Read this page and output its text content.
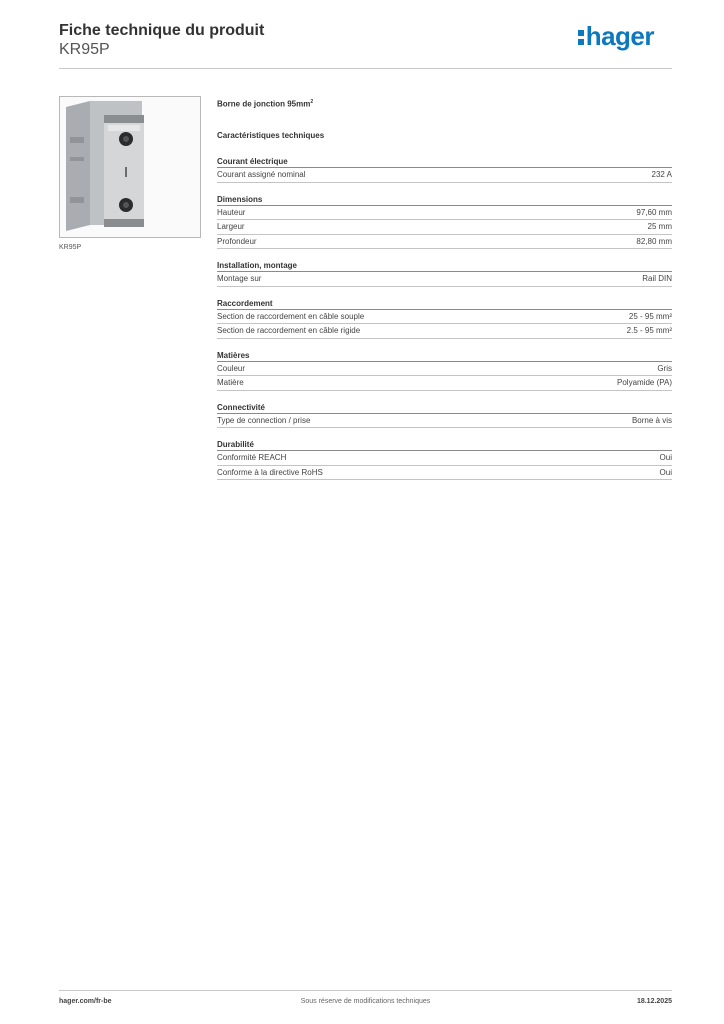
Fiche technique du produit
KR95P	hager
KR95P
Borne de jonction $95mm^2$
Caractéristiques techniques
Courant électrique
Courant assigné nominal	232 A
Dimensions
Hauteur	97,60 mm
Largeur	25 mm
Profondeur	82,80 mm
Installation, montage
Montage sur	Rail DIN
Raccordement
Section de raccordement en câble souple	25 - 95 mm²
Section de raccordement en câble rigide	2.5 - 95 mm²
Matières
Couleur	Gris
Matière	Polyamide (PA)
Connectivité
Type de connection / prise	Borne à vis
Durabilité
Conformité REACH	Oui
Conforme à la directive RoHS	Oui
hager.com/fr-be	Sous réserve de modifications techniques	18.12.2025
